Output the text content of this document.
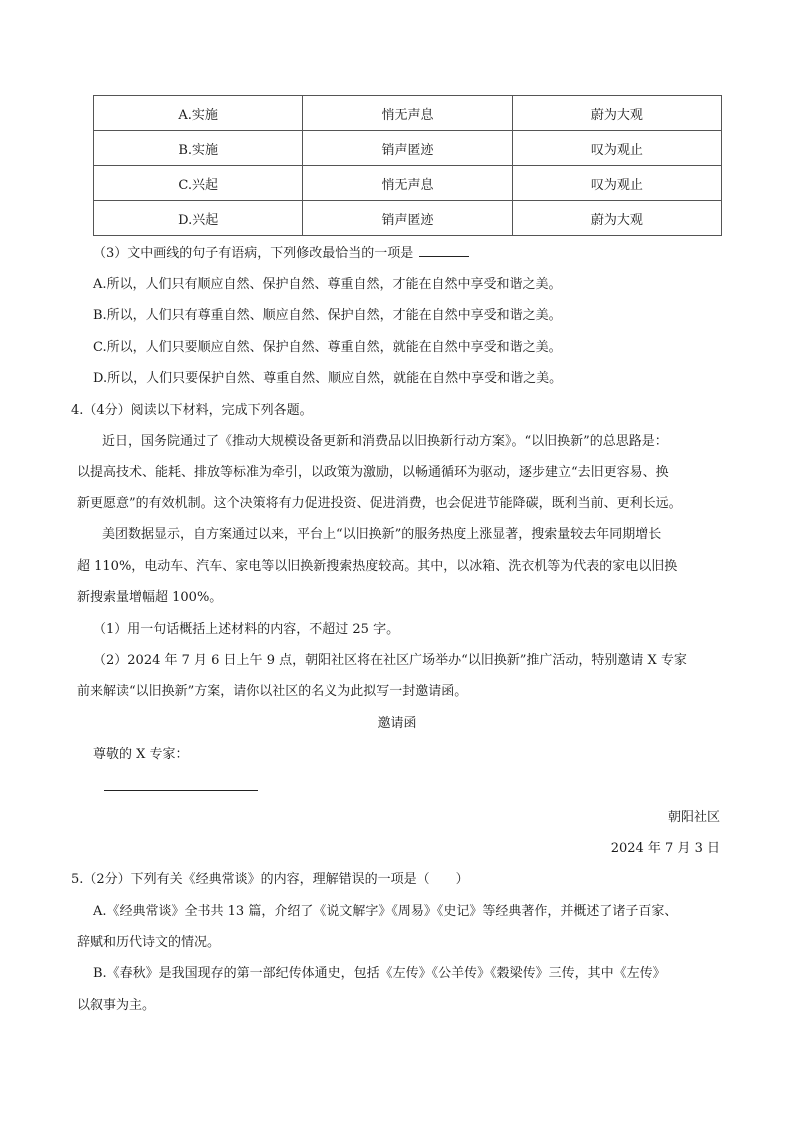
A.实施	悄无声息	蔚为大观
B.实施	销声匿迹	叹为观止
C.兴起	悄无声息	叹为观止
D.兴起	销声匿迹	蔚为大观
（3）文中画线的句子有语病，下列修改最恰当的一项是
A.所以，人们只有顺应自然、保护自然、尊重自然，才能在自然中享受和谐之美。
B.所以，人们只有尊重自然、顺应自然、保护自然，才能在自然中享受和谐之美。
C.所以，人们只要顺应自然、保护自然、尊重自然，就能在自然中享受和谐之美。
D.所以，人们只要保护自然、尊重自然、顺应自然，就能在自然中享受和谐之美。
4.（4分）阅读以下材料，完成下列各题。
近日，国务院通过了《推动大规模设备更新和消费品以旧换新行动方案》。“以旧换新”的总思路是：
以提高技术、能耗、排放等标准为牵引，以政策为激励，以畅通循环为驱动，逐步建立“去旧更容易、换
新更愿意”的有效机制。这个决策将有力促进投资、促进消费，也会促进节能降碳，既利当前、更利长远。
美团数据显示，自方案通过以来，平台上“以旧换新”的服务热度上涨显著，搜索量较去年同期增长
超 110%，电动车、汽车、家电等以旧换新搜索热度较高。其中，以冰箱、洗衣机等为代表的家电以旧换
新搜索量增幅超 100%。
（1）用一句话概括上述材料的内容，不超过 25 字。
（2）2024 年 7 月 6 日上午 9 点，朝阳社区将在社区广场举办“以旧换新”推广活动，特别邀请 X 专家
前来解读“以旧换新”方案，请你以社区的名义为此拟写一封邀请函。
邀请函
尊敬的 X 专家：
朝阳社区
2024 年 7 月 3 日
5.（2分）下列有关《经典常谈》的内容，理解错误的一项是（　　）
A.《经典常谈》全书共 13 篇，介绍了《说文解字》《周易》《史记》等经典著作，并概述了诸子百家、
辞赋和历代诗文的情况。
B.《春秋》是我国现存的第一部纪传体通史，包括《左传》《公羊传》《穀梁传》三传，其中《左传》
以叙事为主。
